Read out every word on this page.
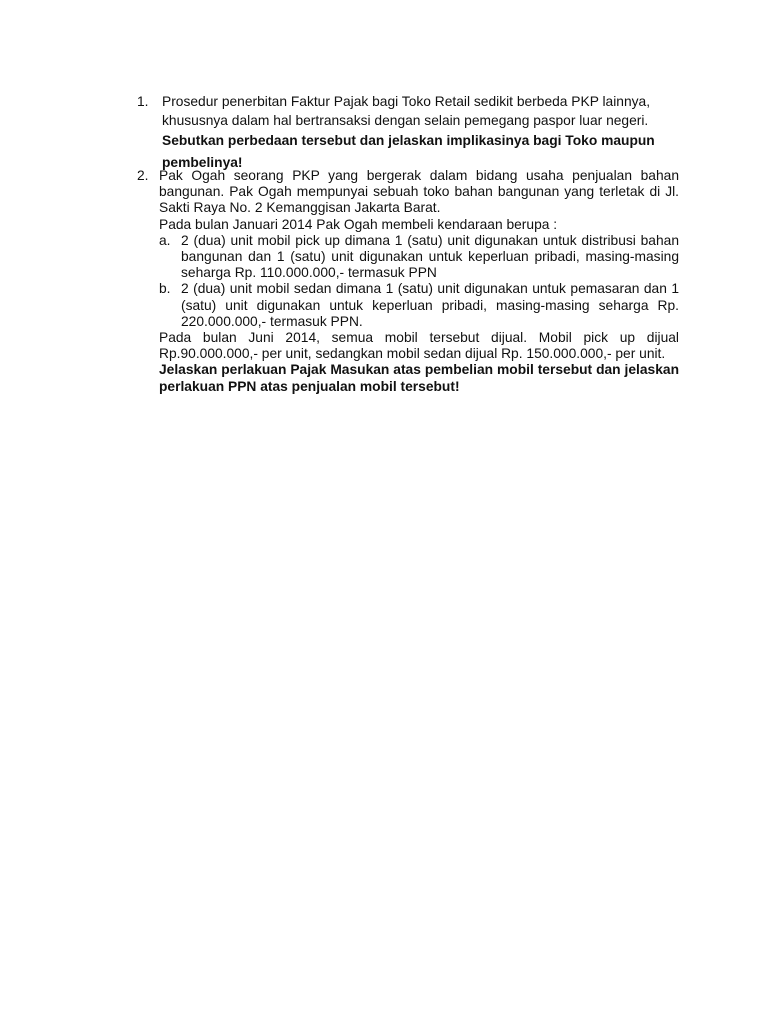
1. Prosedur penerbitan Faktur Pajak bagi Toko Retail sedikit berbeda PKP lainnya,

khususnya dalam hal bertransaksi dengan selain pemegang paspor luar negeri.

Sebutkan perbedaan tersebut dan jelaskan implikasinya bagi Toko maupun pembelinya!

2. Pak Ogah seorang PKP yang bergerak dalam bidang usaha penjualan bahan bangunan. Pak Ogah mempunyai sebuah toko bahan bangunan yang terletak di Jl. Sakti Raya No. 2 Kemanggisan Jakarta Barat.

Pada bulan Januari 2014 Pak Ogah membeli kendaraan berupa :

a. 2 (dua) unit mobil pick up dimana 1 (satu) unit digunakan untuk distribusi bahan bangunan dan 1 (satu) unit digunakan untuk keperluan pribadi, masing-masing seharga Rp. 110.000.000,- termasuk PPN

b. 2 (dua) unit mobil sedan dimana 1 (satu) unit digunakan untuk pemasaran dan 1 (satu) unit digunakan untuk keperluan pribadi, masing-masing seharga Rp. 220.000.000,- termasuk PPN.

Pada bulan Juni 2014, semua mobil tersebut dijual. Mobil pick up dijual Rp.90.000.000,- per unit, sedangkan mobil sedan dijual Rp. 150.000.000,- per unit.

Jelaskan perlakuan Pajak Masukan atas pembelian mobil tersebut dan jelaskan perlakuan PPN atas penjualan mobil tersebut!
